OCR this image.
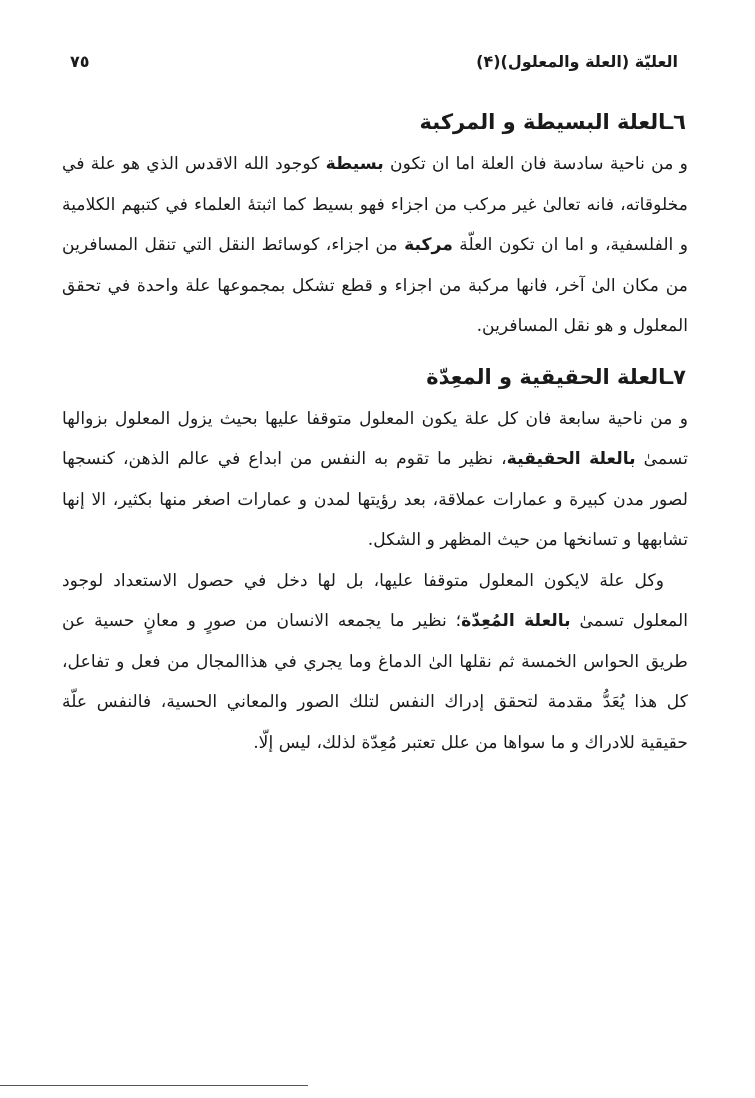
العليّة (العلة والمعلول)(۴)
٧٥
٦ـالعلة البسيطة و المركبة

و من ناحية سادسة فان العلة اما ان تكون بسيطة كوجود الله الاقدس الذي هو علة في مخلوقاته، فانه تعالىٰ غير مركب من اجزاء فهو بسيط كما اثبتهٔ العلماء في كتبهم الكلامية و الفلسفية، و اما ان تكون العلّة مركبة من اجزاء، كوسائط النقل التي تنقل المسافرين من مكان الىٰ آخر، فانها مركبة من اجزاء و قطع تشكل بمجموعها علة واحدة في تحقق المعلول و هو نقل المسافرين.

٧ـالعلة الحقيقية و المعِدّة

و من ناحية سابعة فان كل علة يكون المعلول متوقفا عليها بحيث يزول المعلول بزوالها تسمىٰ بالعلة الحقيقية، نظير ما تقوم به النفس من ابداع في عالم الذهن، كنسجها لصور مدن كبيرة و عمارات عملاقة، بعد رؤيتها لمدن و عمارات اصغر منها بكثير، الا إنها تشابهها و تسانخها من حيث المظهر و الشكل.

وكل علة لايكون المعلول متوقفا عليها، بل لها دخل في حصول الاستعداد لوجود المعلول تسمىٰ بالعلة المُعِدّة؛ نظير ما يجمعه الانسان من صورٍ و معانٍ حسية عن طريق الحواس الخمسة ثم نقلها الىٰ الدماغ وما يجري في هذاالمجال من فعل و تفاعل، كل هذا يُعَدُّ مقدمة لتحقق إدراك النفس لتلك الصور والمعاني الحسية، فالنفس علّة حقيقية للادراك و ما سواها من علل تعتبر مُعِدّة لذلك، ليس إلّا.
